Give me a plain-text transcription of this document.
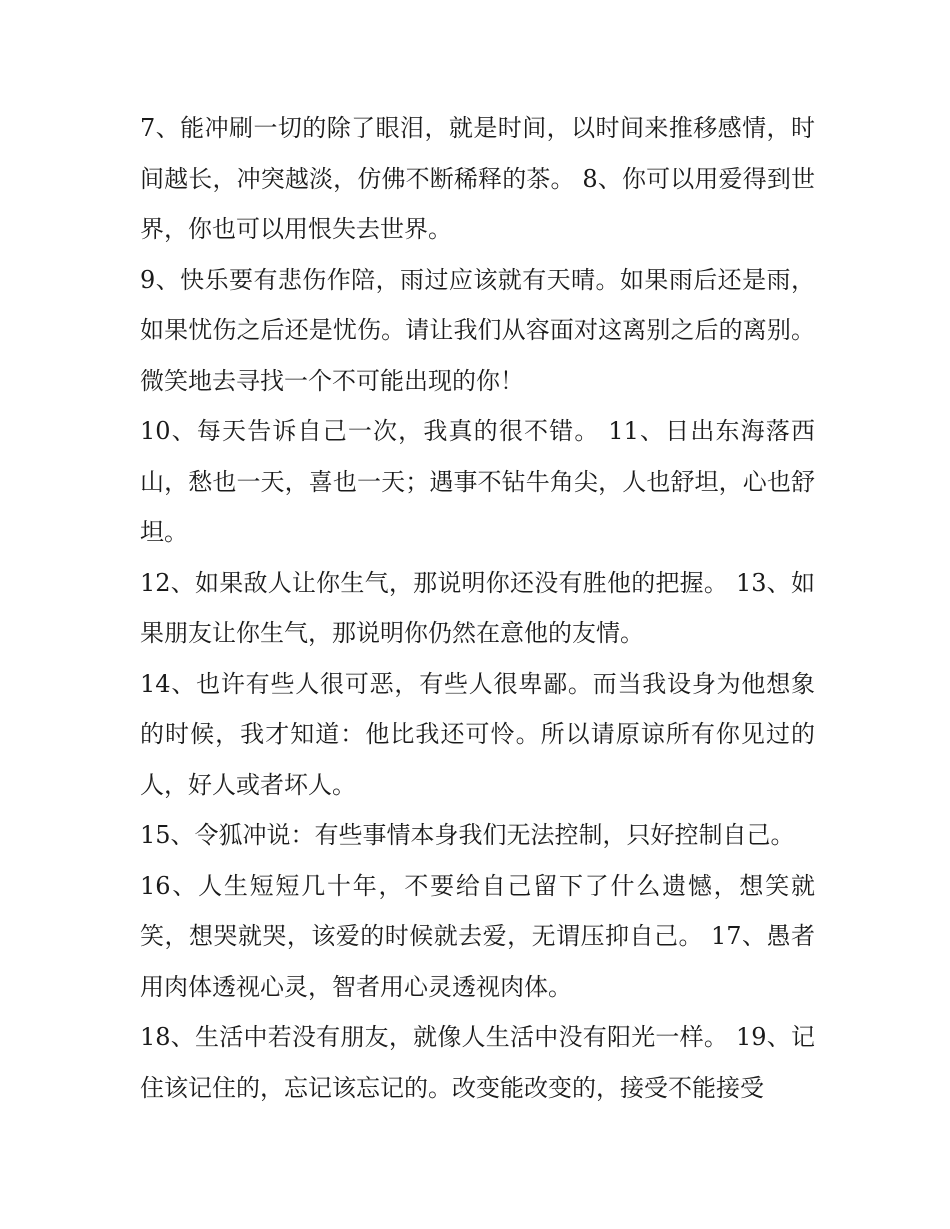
7、能冲刷一切的除了眼泪，就是时间，以时间来推移感情，时间越长，冲突越淡，仿佛不断稀释的茶。 8、你可以用爱得到世界，你也可以用恨失去世界。

9、快乐要有悲伤作陪，雨过应该就有天晴。如果雨后还是雨，如果忧伤之后还是忧伤。请让我们从容面对这离别之后的离别。微笑地去寻找一个不可能出现的你！

10、每天告诉自己一次，我真的很不错。 11、日出东海落西山，愁也一天，喜也一天；遇事不钻牛角尖，人也舒坦，心也舒坦。

12、如果敌人让你生气，那说明你还没有胜他的把握。 13、如果朋友让你生气，那说明你仍然在意他的友情。

14、也许有些人很可恶，有些人很卑鄙。而当我设身为他想象的时候，我才知道：他比我还可怜。所以请原谅所有你见过的人，好人或者坏人。

15、令狐冲说：有些事情本身我们无法控制，只好控制自己。

16、人生短短几十年，不要给自己留下了什么遗憾，想笑就笑，想哭就哭，该爱的时候就去爱，无谓压抑自己。 17、愚者用肉体透视心灵，智者用心灵透视肉体。

18、生活中若没有朋友，就像人生活中没有阳光一样。 19、记住该记住的，忘记该忘记的。改变能改变的，接受不能接受
